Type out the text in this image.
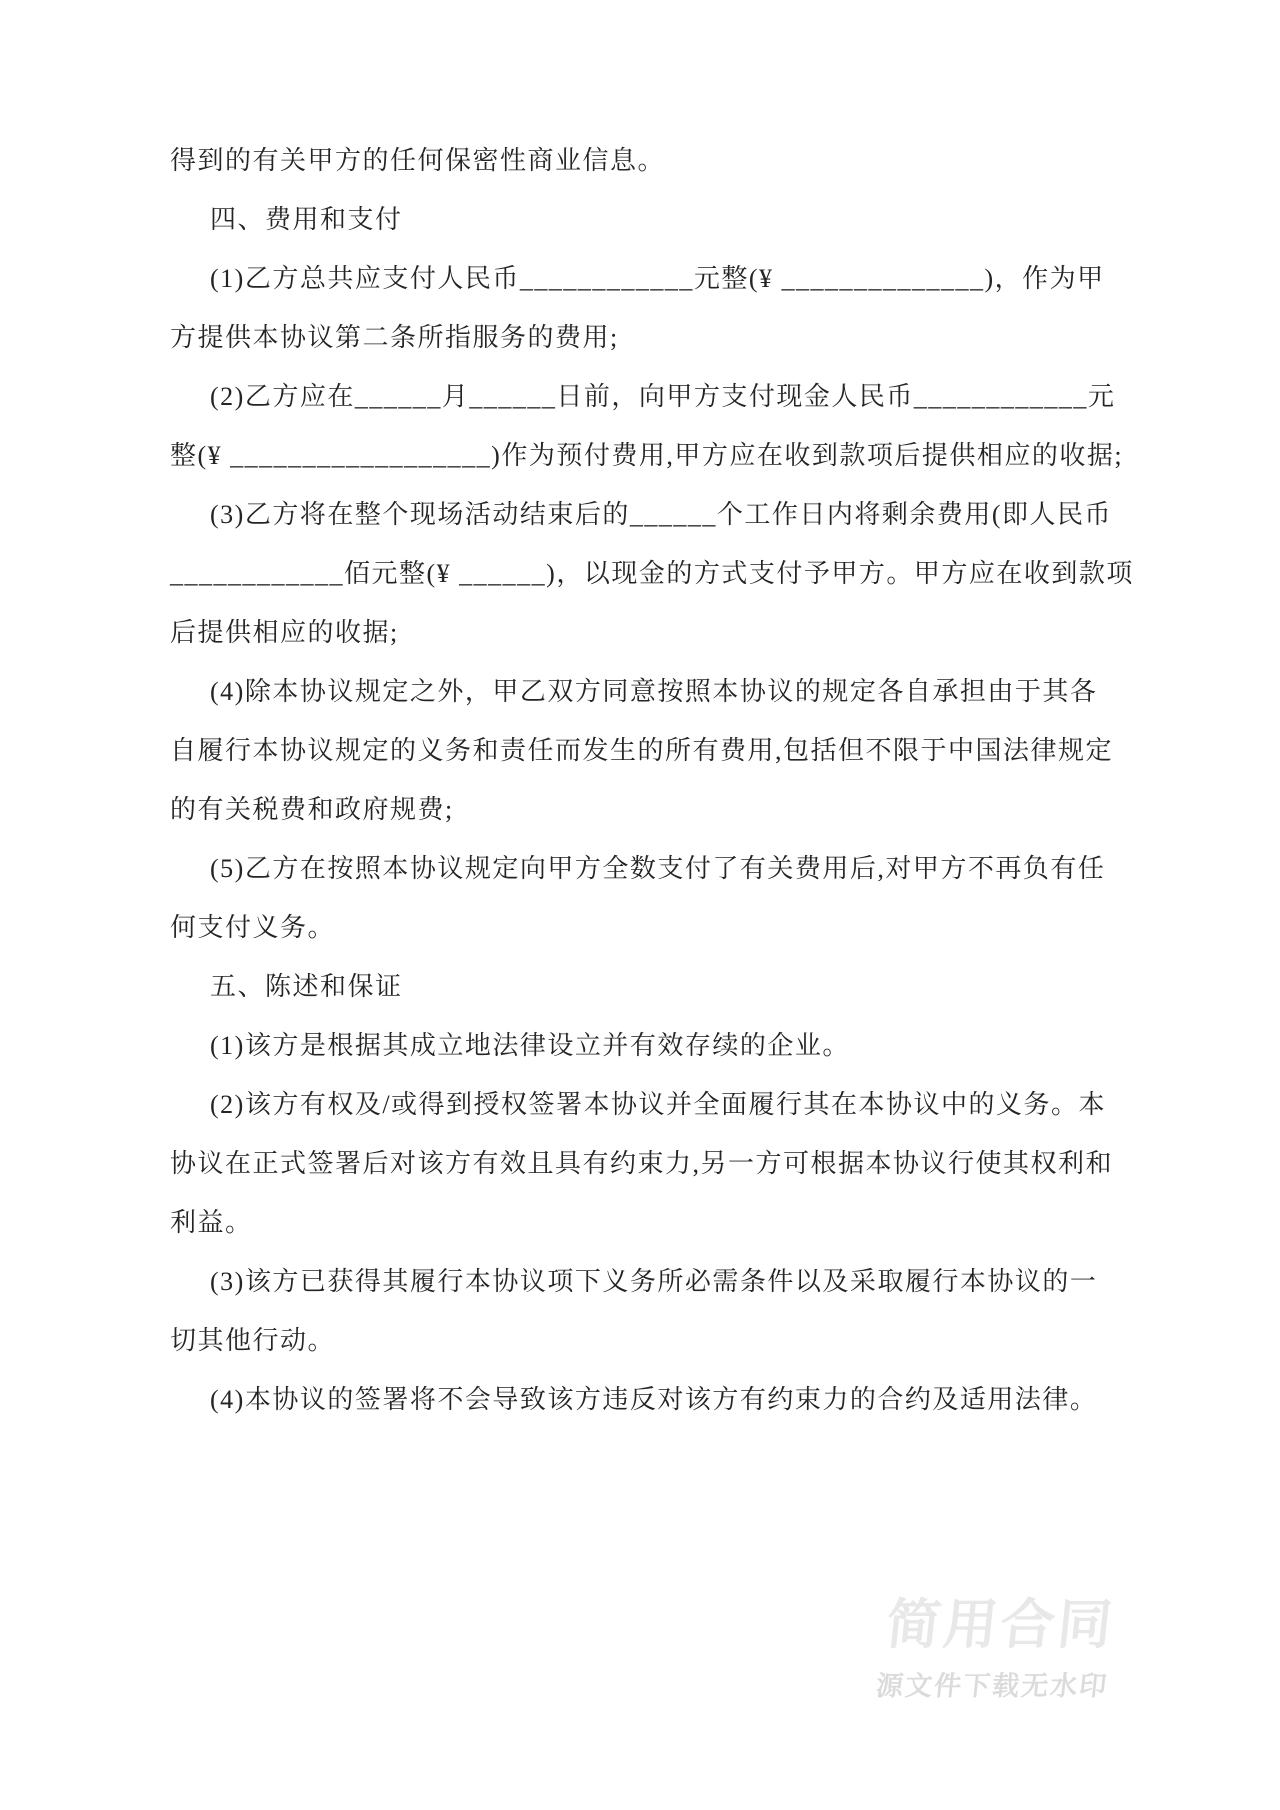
得到的有关甲方的任何保密性商业信息。
四、费用和支付
(1)乙方总共应支付人民币____________元整(¥ ______________)，作为甲
方提供本协议第二条所指服务的费用;
(2)乙方应在______月______日前，向甲方支付现金人民币____________元
整(¥ __________________)作为预付费用,甲方应在收到款项后提供相应的收据;
(3)乙方将在整个现场活动结束后的______个工作日内将剩余费用(即人民币
____________佰元整(¥ ______)，以现金的方式支付予甲方。甲方应在收到款项
后提供相应的收据;
(4)除本协议规定之外，甲乙双方同意按照本协议的规定各自承担由于其各
自履行本协议规定的义务和责任而发生的所有费用,包括但不限于中国法律规定
的有关税费和政府规费;
(5)乙方在按照本协议规定向甲方全数支付了有关费用后,对甲方不再负有任
何支付义务。
五、陈述和保证
(1)该方是根据其成立地法律设立并有效存续的企业。
(2)该方有权及/或得到授权签署本协议并全面履行其在本协议中的义务。本
协议在正式签署后对该方有效且具有约束力,另一方可根据本协议行使其权利和
利益。
(3)该方已获得其履行本协议项下义务所必需条件以及采取履行本协议的一
切其他行动。
(4)本协议的签署将不会导致该方违反对该方有约束力的合约及适用法律。
简用合同
源文件下载无水印
